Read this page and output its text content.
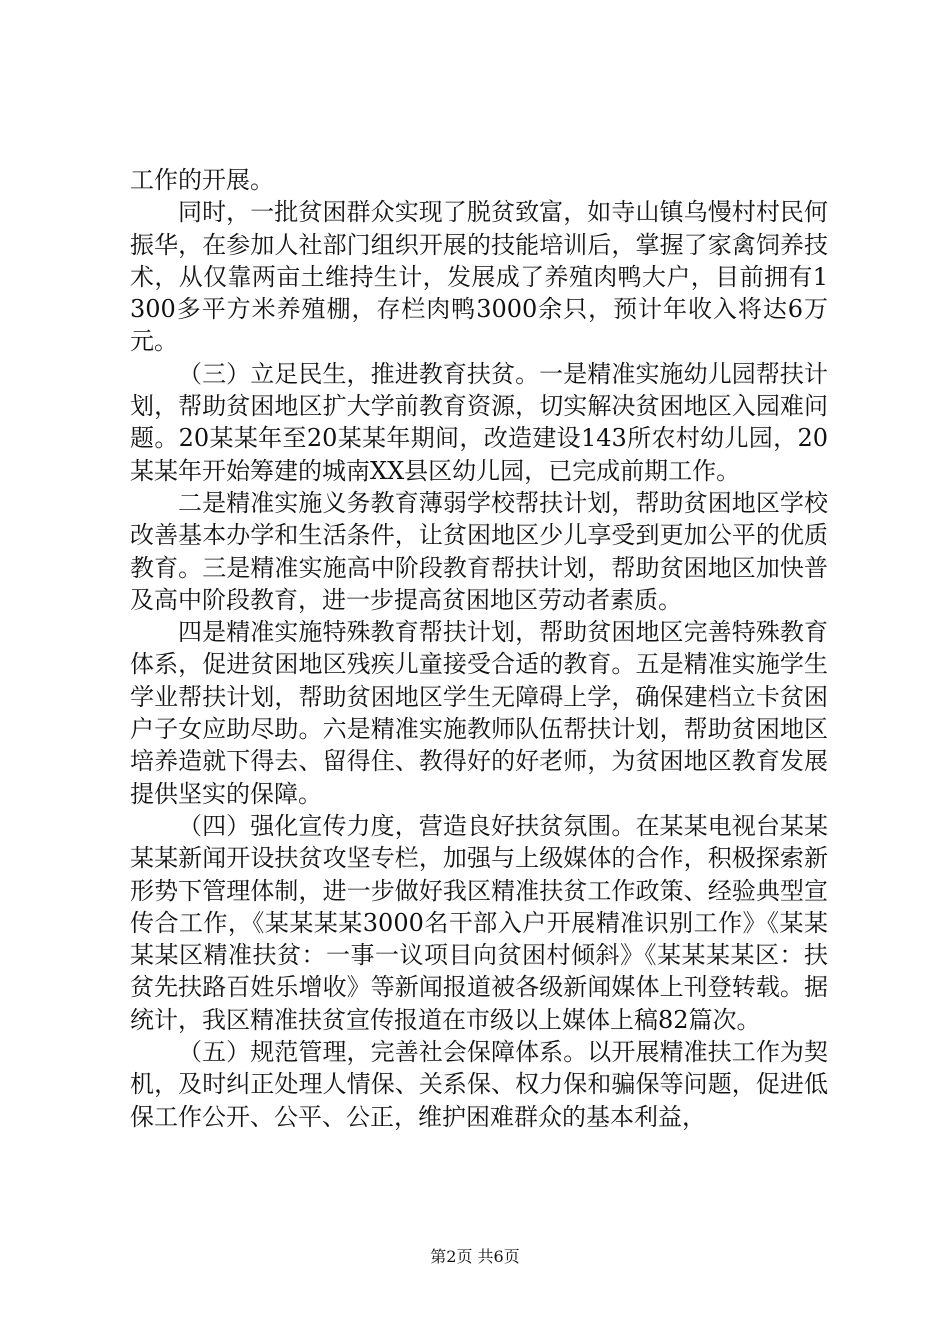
工作的开展。

同时，一批贫困群众实现了脱贫致富，如寺山镇乌慢村村民何振华，在参加人社部门组织开展的技能培训后，掌握了家禽饲养技术，从仅靠两亩土维持生计，发展成了养殖肉鸭大户，目前拥有1300多平方米养殖棚，存栏肉鸭3000余只，预计年收入将达6万元。

（三）立足民生，推进教育扶贫。一是精准实施幼儿园帮扶计划，帮助贫困地区扩大学前教育资源，切实解决贫困地区入园难问题。20某某年至20某某年期间，改造建设143所农村幼儿园，20某某年开始筹建的城南XX县区幼儿园，已完成前期工作。

二是精准实施义务教育薄弱学校帮扶计划，帮助贫困地区学校改善基本办学和生活条件，让贫困地区少儿享受到更加公平的优质教育。三是精准实施高中阶段教育帮扶计划，帮助贫困地区加快普及高中阶段教育，进一步提高贫困地区劳动者素质。

四是精准实施特殊教育帮扶计划，帮助贫困地区完善特殊教育体系，促进贫困地区残疾儿童接受合适的教育。五是精准实施学生学业帮扶计划，帮助贫困地区学生无障碍上学，确保建档立卡贫困户子女应助尽助。六是精准实施教师队伍帮扶计划，帮助贫困地区培养造就下得去、留得住、教得好的好老师，为贫困地区教育发展提供坚实的保障。

（四）强化宣传力度，营造良好扶贫氛围。在某某电视台某某某某新闻开设扶贫攻坚专栏，加强与上级媒体的合作，积极探索新形势下管理体制，进一步做好我区精准扶贫工作政策、经验典型宣传合工作，《某某某某3000名干部入户开展精准识别工作》《某某某某区精准扶贫：一事一议项目向贫困村倾斜》《某某某某区：扶贫先扶路百姓乐增收》等新闻报道被各级新闻媒体上刊登转载。据统计，我区精准扶贫宣传报道在市级以上媒体上稿82篇次。

（五）规范管理，完善社会保障体系。以开展精准扶工作为契机，及时纠正处理人情保、关系保、权力保和骗保等问题，促进低保工作公开、公平、公正，维护困难群众的基本利益，

第2页 共6页
